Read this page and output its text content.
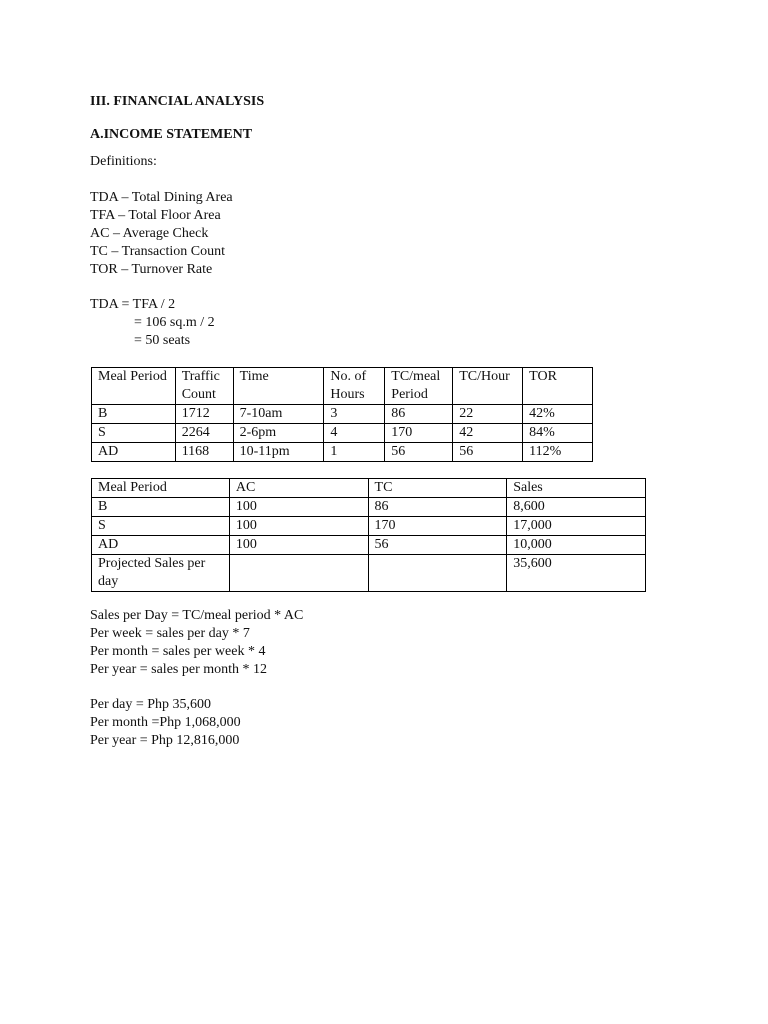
III. FINANCIAL ANALYSIS
A.INCOME STATEMENT
Definitions:
TDA – Total Dining Area
TFA – Total Floor Area
AC – Average Check
TC – Transaction Count
TOR – Turnover Rate
TDA = TFA / 2
= 106 sq.m / 2
= 50 seats
Meal Period	Traffic Count	Time	No. of Hours	TC/meal Period	TC/Hour	TOR
B	1712	7-10am	3	86	22	42%
S	2264	2-6pm	4	170	42	84%
AD	1168	10-11pm	1	56	56	112%
Meal Period	AC	TC	Sales
B	100	86	8,600
S	100	170	17,000
AD	100	56	10,000
Projected Sales per day			35,600
Sales per Day = TC/meal period * AC
Per week = sales per day * 7
Per month = sales per week * 4
Per year = sales per month * 12
Per day = Php 35,600
Per month =Php 1,068,000
Per year = Php 12,816,000
